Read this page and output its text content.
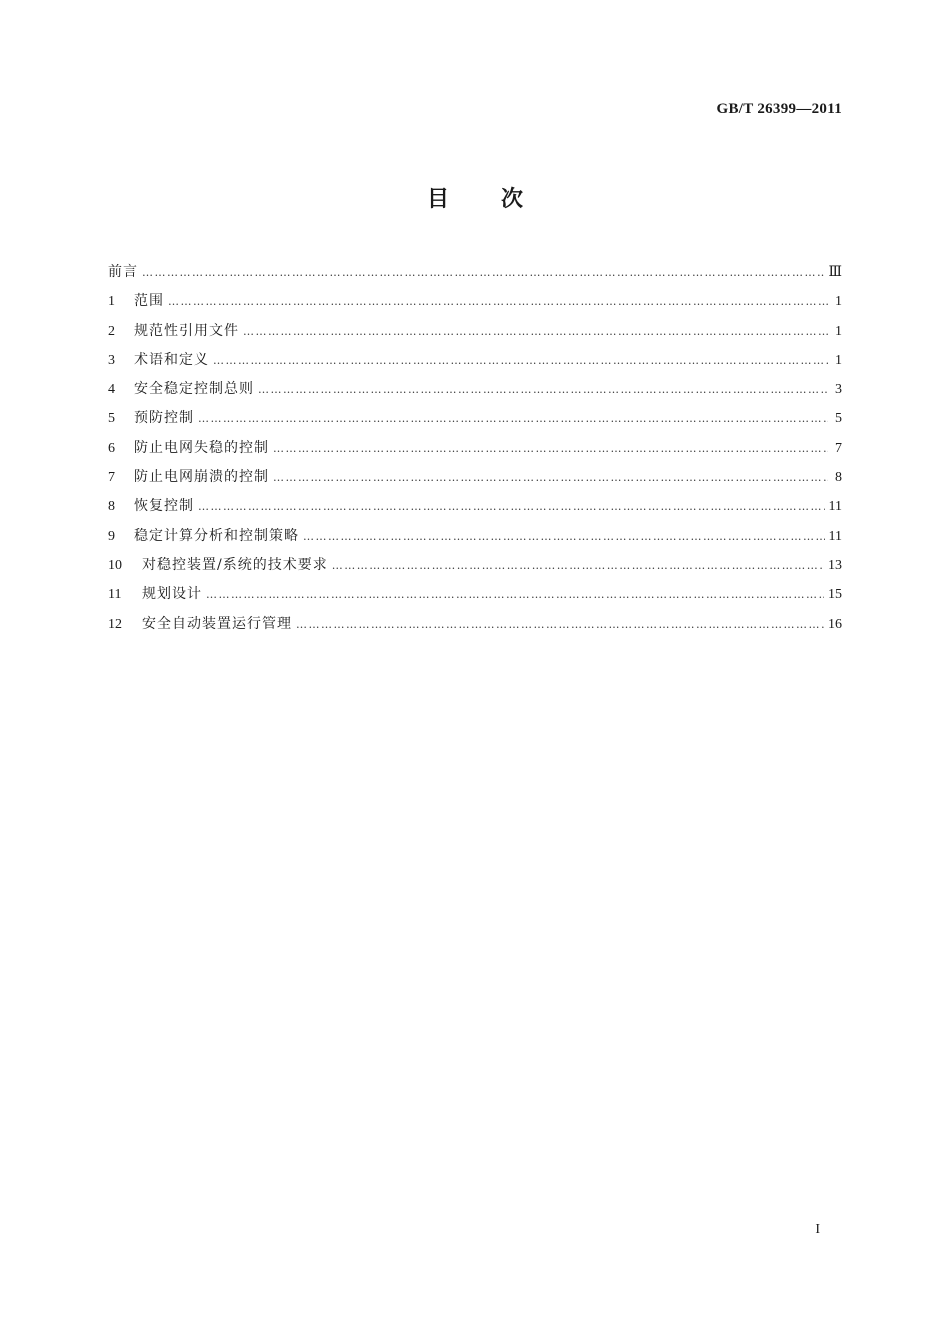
GB/T 26399—2011
目次
前言 ………………………………………………………………………………………………………………………………………………………………………………………………………………	Ⅲ
1	范围 ………………………………………………………………………………………………………………………………………………………………………………………………………………	1
2	规范性引用文件 ………………………………………………………………………………………………………………………………………………………………………………………………………………	1
3	术语和定义 ………………………………………………………………………………………………………………………………………………………………………………………………………………	1
4	安全稳定控制总则 ………………………………………………………………………………………………………………………………………………………………………………………………………………	3
5	预防控制 ………………………………………………………………………………………………………………………………………………………………………………………………………………	5
6	防止电网失稳的控制 ………………………………………………………………………………………………………………………………………………………………………………………………………………	7
7	防止电网崩溃的控制 ………………………………………………………………………………………………………………………………………………………………………………………………………………	8
8	恢复控制 ………………………………………………………………………………………………………………………………………………………………………………………………………………	11
9	稳定计算分析和控制策略 ………………………………………………………………………………………………………………………………………………………………………………………………………………	11
10	对稳控装置/系统的技术要求 ………………………………………………………………………………………………………………………………………………………………………………………………………………	13
11	规划设计 ………………………………………………………………………………………………………………………………………………………………………………………………………………	15
12	安全自动装置运行管理 ………………………………………………………………………………………………………………………………………………………………………………………………………………	16
I
